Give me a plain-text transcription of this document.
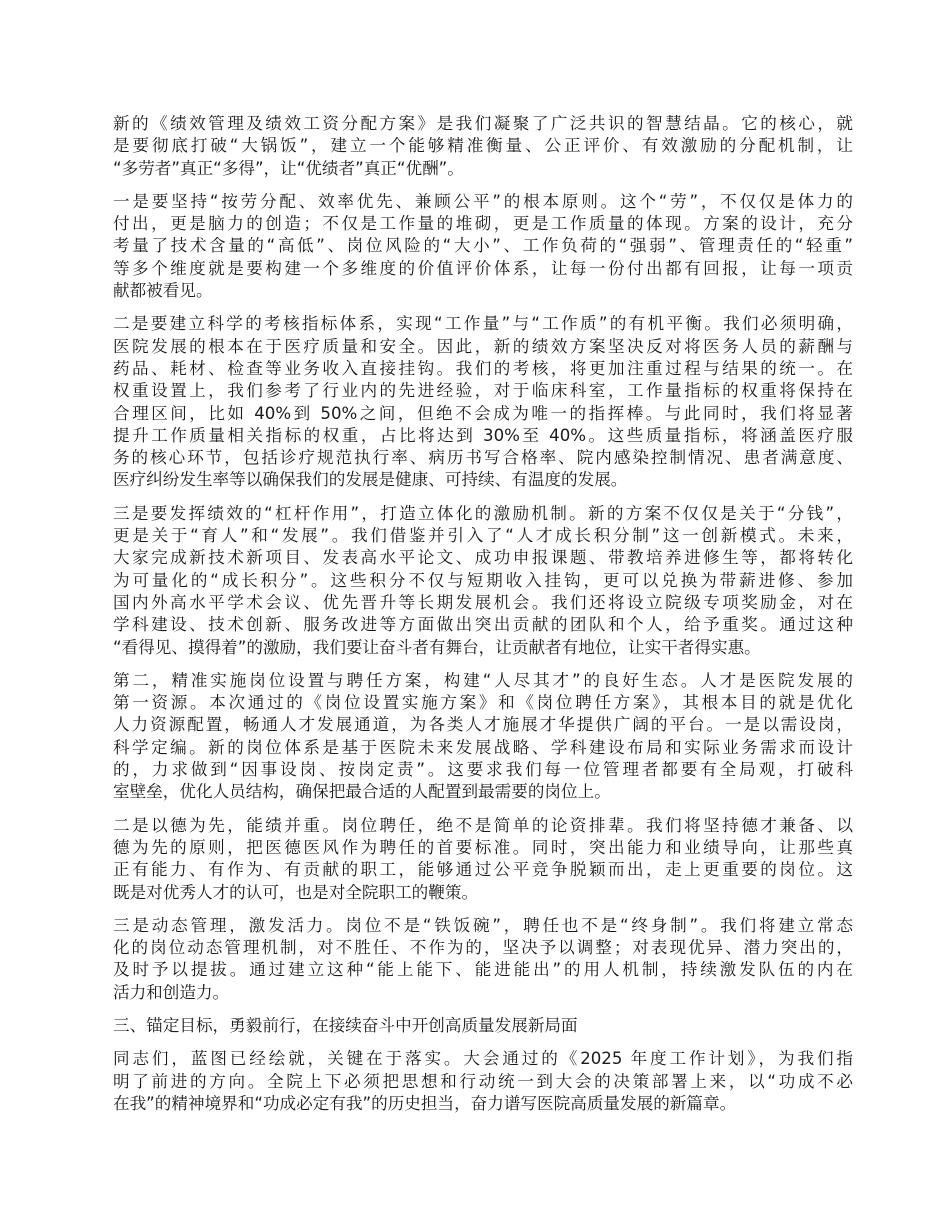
新的《绩效管理及绩效工资分配方案》是我们凝聚了广泛共识的智慧结晶。它的核心，就
是要彻底打破“大锅饭”，建立一个能够精准衡量、公正评价、有效激励的分配机制，让
“多劳者”真正“多得”，让“优绩者”真正“优酬”。
一是要坚持“按劳分配、效率优先、兼顾公平”的根本原则。这个“劳”，不仅仅是体力的
付出，更是脑力的创造；不仅是工作量的堆砌，更是工作质量的体现。方案的设计，充分
考量了技术含量的“高低”、岗位风险的“大小”、工作负荷的“强弱”、管理责任的“轻重”
等多个维度就是要构建一个多维度的价值评价体系，让每一份付出都有回报，让每一项贡
献都被看见。
二是要建立科学的考核指标体系，实现“工作量”与“工作质”的有机平衡。我们必须明确，
医院发展的根本在于医疗质量和安全。因此，新的绩效方案坚决反对将医务人员的薪酬与
药品、耗材、检查等业务收入直接挂钩。我们的考核，将更加注重过程与结果的统一。在
权重设置上，我们参考了行业内的先进经验，对于临床科室，工作量指标的权重将保持在
合理区间，比如 40%到 50%之间，但绝不会成为唯一的指挥棒。与此同时，我们将显著
提升工作质量相关指标的权重，占比将达到 30%至 40%。这些质量指标，将涵盖医疗服
务的核心环节，包括诊疗规范执行率、病历书写合格率、院内感染控制情况、患者满意度、
医疗纠纷发生率等以确保我们的发展是健康、可持续、有温度的发展。
三是要发挥绩效的“杠杆作用”，打造立体化的激励机制。新的方案不仅仅是关于“分钱”，
更是关于“育人”和“发展”。我们借鉴并引入了“人才成长积分制”这一创新模式。未来，
大家完成新技术新项目、发表高水平论文、成功申报课题、带教培养进修生等，都将转化
为可量化的“成长积分”。这些积分不仅与短期收入挂钩，更可以兑换为带薪进修、参加
国内外高水平学术会议、优先晋升等长期发展机会。我们还将设立院级专项奖励金，对在
学科建设、技术创新、服务改进等方面做出突出贡献的团队和个人，给予重奖。通过这种
“看得见、摸得着”的激励，我们要让奋斗者有舞台，让贡献者有地位，让实干者得实惠。
第二，精准实施岗位设置与聘任方案，构建“人尽其才”的良好生态。人才是医院发展的
第一资源。本次通过的《岗位设置实施方案》和《岗位聘任方案》，其根本目的就是优化
人力资源配置，畅通人才发展通道，为各类人才施展才华提供广阔的平台。一是以需设岗，
科学定编。新的岗位体系是基于医院未来发展战略、学科建设布局和实际业务需求而设计
的，力求做到“因事设岗、按岗定责”。这要求我们每一位管理者都要有全局观，打破科
室壁垒，优化人员结构，确保把最合适的人配置到最需要的岗位上。
二是以德为先，能绩并重。岗位聘任，绝不是简单的论资排辈。我们将坚持德才兼备、以
德为先的原则，把医德医风作为聘任的首要标准。同时，突出能力和业绩导向，让那些真
正有能力、有作为、有贡献的职工，能够通过公平竞争脱颖而出，走上更重要的岗位。这
既是对优秀人才的认可，也是对全院职工的鞭策。
三是动态管理，激发活力。岗位不是“铁饭碗”，聘任也不是“终身制”。我们将建立常态
化的岗位动态管理机制，对不胜任、不作为的，坚决予以调整；对表现优异、潜力突出的，
及时予以提拔。通过建立这种“能上能下、能进能出”的用人机制，持续激发队伍的内在
活力和创造力。
三、锚定目标，勇毅前行，在接续奋斗中开创高质量发展新局面
同志们，蓝图已经绘就，关键在于落实。大会通过的《2025 年度工作计划》，为我们指
明了前进的方向。全院上下必须把思想和行动统一到大会的决策部署上来，以“功成不必
在我”的精神境界和“功成必定有我”的历史担当，奋力谱写医院高质量发展的新篇章。
